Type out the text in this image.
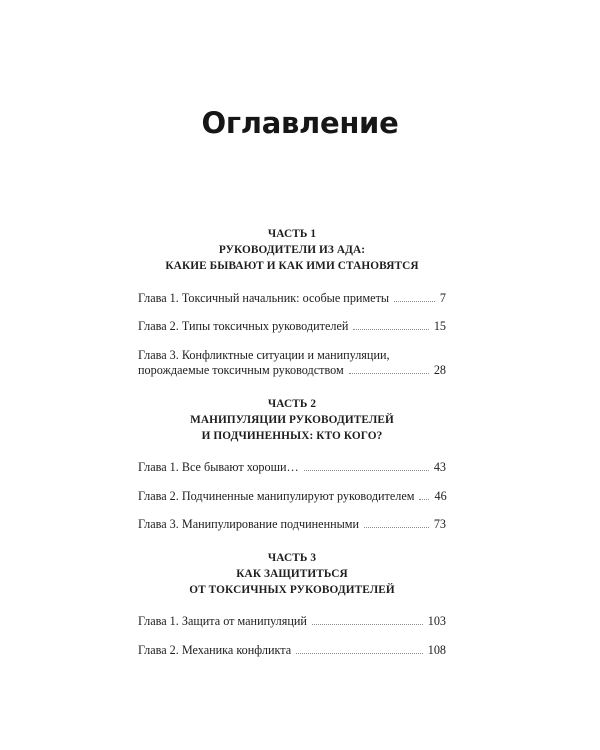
Оглавление
ЧАСТЬ 1
РУКОВОДИТЕЛИ ИЗ АДА:
КАКИЕ БЫВАЮТ И КАК ИМИ СТАНОВЯТСЯ
Глава 1. Токсичный начальник: особые приметы	7
Глава 2. Типы токсичных руководителей	15
Глава 3. Конфликтные ситуации и манипуляции,
порождаемые токсичным руководством	28
ЧАСТЬ 2
МАНИПУЛЯЦИИ РУКОВОДИТЕЛЕЙ
И ПОДЧИНЕННЫХ: КТО КОГО?
Глава 1. Все бывают хороши…	43
Глава 2. Подчиненные манипулируют руководителем 46
Глава 3. Манипулирование подчиненными	73
ЧАСТЬ 3
КАК ЗАЩИТИТЬСЯ
ОТ ТОКСИЧНЫХ РУКОВОДИТЕЛЕЙ
Глава 1. Защита от манипуляций	103
Глава 2. Механика конфликта	108
